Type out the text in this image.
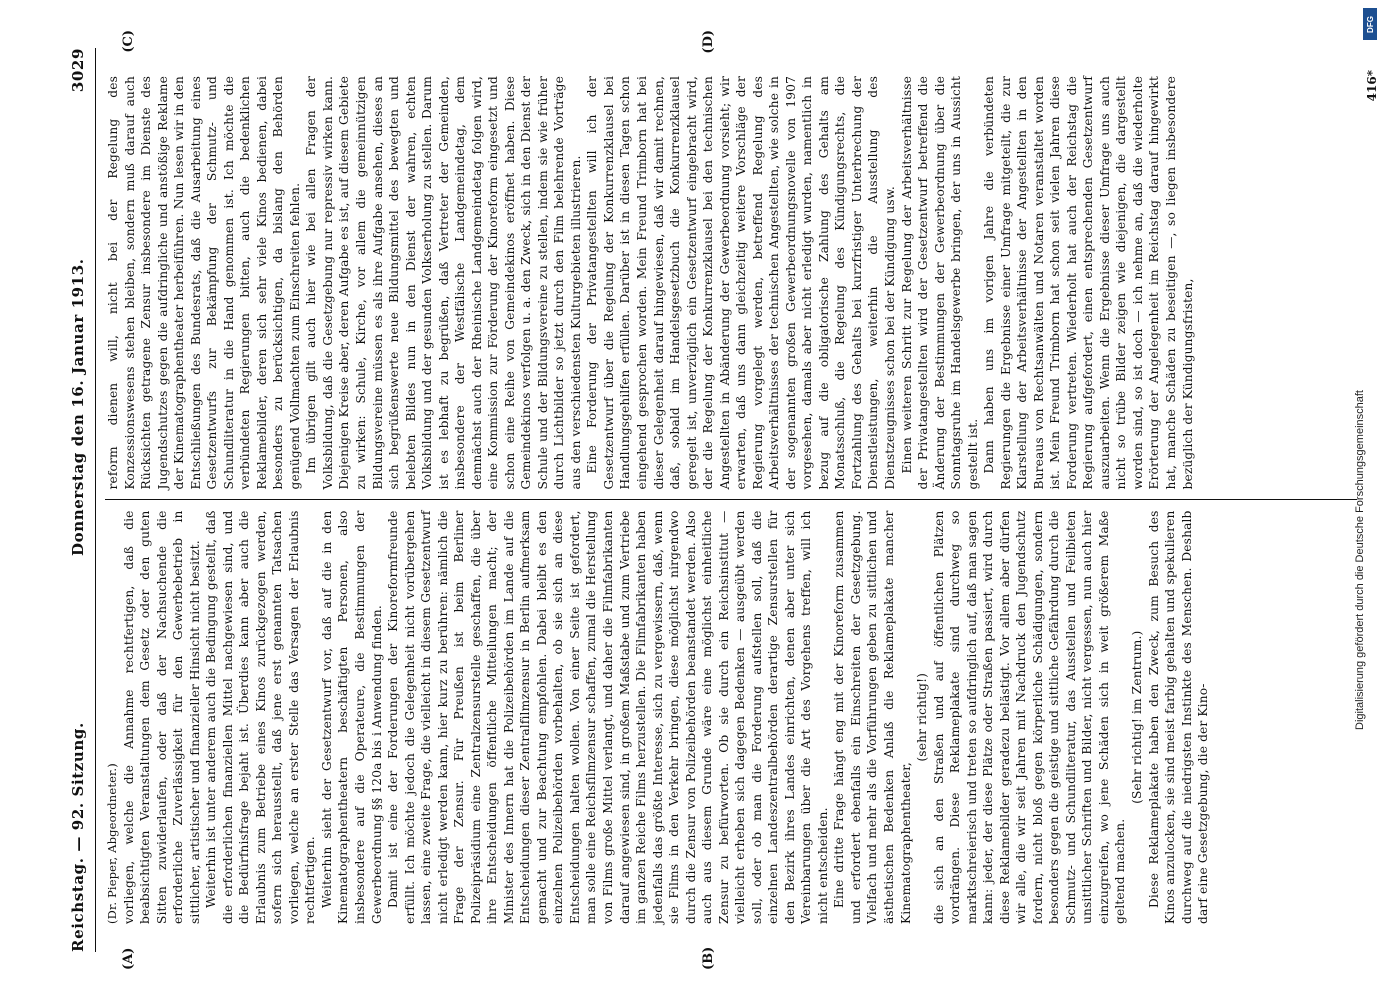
Reichstag. — 92. Sitzung.
Donnerstag den 16. Januar 1913.
3029
(A)	(B)
(C)	(D)

(Dr. Pieper, Abgeordneter.) vorliegen, welche die Annahme rechtfertigen, daß die beabsichtigten Veranstaltungen dem Gesetz oder den guten Sitten zuwiderlaufen, oder daß der Nachsuchende die erforderliche Zuverlässigkeit für den Gewerbebetrieb in sittlicher, artistischer und finanzieller Hinsicht nicht besitzt. Weiterhin ist unter anderem auch die Bedingung gestellt, daß die erforderlichen finanziellen Mittel nachgewiesen sind, und die Bedürfnisfrage bejaht ist. Überdies kann aber auch die Erlaubnis zum Betriebe eines Kinos zurückgezogen werden, sofern sich herausstellt, daß jene erst genannten Tatsachen vorliegen, welche an erster Stelle das Versagen der Erlaubnis rechtfertigen. Weiterhin sieht der Gesetzentwurf vor, daß auf die in den Kinematographentheatern beschäftigten Personen, also insbesondere auf die Operateure, die Bestimmungen der Gewerbeordnung §§ 120a bis i Anwendung finden. Damit ist eine der Forderungen der Kinoreformfreunde erfüllt. Ich möchte jedoch die Gelegenheit nicht vorübergehen lassen, eine zweite Frage, die vielleicht in diesem Gesetzentwurf nicht erledigt werden kann, hier kurz zu berühren: nämlich die Frage der Zensur. Für Preußen ist beim Berliner Polizeipräsidium eine Zentralzensurstelle geschaffen, die über ihre Entscheidungen öffentliche Mitteilungen macht; der Minister des Innern hat die Polizeibehörden im Lande auf die Entscheidungen dieser Zentralfilmzensur in Berlin aufmerksam gemacht und zur Beachtung empfohlen. Dabei bleibt es den einzelnen Polizeibehörden vorbehalten, ob sie sich an diese Entscheidungen halten wollen. Von einer Seite ist gefordert, man solle eine Reichsfilmzensur schaffen, zumal die Herstellung von Films große Mittel verlangt, und daher die Filmfabrikanten darauf angewiesen sind, in großem Maßstabe und zum Vertriebe im ganzen Reiche Films herzustellen. Die Filmfabrikanten haben jedenfalls das größte Interesse, sich zu vergewissern, daß, wenn sie Films in den Verkehr bringen, diese möglichst nirgendwo durch die Zensur von Polizeibehörden beanstandet werden. Also auch aus diesem Grunde wäre eine möglichst einheitliche Zensur zu befürworten. Ob sie durch ein Reichsinstitut — vielleicht erheben sich dagegen Bedenken — ausgeübt werden soll, oder ob man die Forderung aufstellen soll, daß die einzelnen Landeszentralbehörden derartige Zensurstellen für den Bezirk ihres Landes einrichten, denen aber unter sich Vereinbarungen über die Art des Vorgehens treffen, will ich nicht entscheiden. Eine dritte Frage hängt eng mit der Kinoreform zusammen und erfordert ebenfalls ein Einschreiten der Gesetzgebung. Vielfach und mehr als die Vorführungen geben zu sittlichen und ästhetischen Bedenken Anlaß die Reklameplakate mancher Kinematographentheater,

(sehr richtig!) die sich an den Straßen und auf öffentlichen Plätzen vordrängen. Diese Reklameplakate sind durchweg so marktschreierisch und treten so aufdringlich auf, daß man sagen kann: jeder, der diese Plätze oder Straßen passiert, wird durch diese Reklamebilder geradezu belästigt. Vor allem aber dürfen wir alle, die wir seit Jahren mit Nachdruck den Jugendschutz fordern, nicht bloß gegen körperliche Schädigungen, sondern besonders gegen die geistige und sittliche Gefährdung durch die Schmutz- und Schundliteratur, das Ausstellen und Feilbieten unsittlicher Schriften und Bilder, nicht vergessen, nun auch hier einzugreifen, wo jene Schäden sich in weit größerem Maße geltend machen.

(Sehr richtig! im Zentrum.) Diese Reklameplakate haben den Zweck, zum Besuch des Kinos anzulocken, sie sind meist farbig gehalten und spekulieren durchweg auf die niedrigsten Instinkte des Menschen. Deshalb darf eine Gesetzgebung, die der Kino-

reform dienen will, nicht bei der Regelung des Konzessionswesens stehen bleiben, sondern muß darauf auch Rücksichten getragene Zensur insbesondere im Dienste des Jugendschutzes gegen die aufdringliche und anstößige Reklame der Kinematographentheater herbeiführen. Nun lesen wir in den Entschließungen des Bundesrats, daß die Ausarbeitung eines Gesetzentwurfs zur Bekämpfung der Schmutz- und Schundliteratur in die Hand genommen ist. Ich möchte die verbündeten Regierungen bitten, auch die bedenklichen Reklamebilder, deren sich sehr viele Kinos bedienen, dabei besonders zu berücksichtigen, da bislang den Behörden genügend Vollmachten zum Einschreiten fehlen. Im übrigen gilt auch hier wie bei allen Fragen der Volksbildung, daß die Gesetzgebung nur repressiv wirken kann. Diejenigen Kreise aber, deren Aufgabe es ist, auf diesem Gebiete zu wirken: Schule, Kirche, vor allem die gemeinnützigen Bildungsvereine müssen es als ihre Aufgabe ansehen, dieses an sich begrüßenswerte neue Bildungsmittel des bewegten und belebten Bildes nun in den Dienst der wahren, echten Volksbildung und der gesunden Volkserholung zu stellen. Darum ist es lebhaft zu begrüßen, daß Vertreter der Gemeinden, insbesondere der Westfälische Landgemeindetag, dem demnächst auch der Rheinische Landgemeindetag folgen wird, eine Kommission zur Förderung der Kinoreform eingesetzt und schon eine Reihe von Gemeindekinos eröffnet haben. Diese Gemeindekinos verfolgen u. a. den Zweck, sich in den Dienst der Schule und der Bildungsvereine zu stellen, indem sie wie früher durch Lichtbilder so jetzt durch den Film belehrende Vorträge aus den verschiedensten Kulturgebieten illustrieren. Eine Forderung der Privatangestellten will ich der Gesetzentwurf über die Regelung der Konkurrenzklausel bei Handlungsgehilfen erfüllen. Darüber ist in diesen Tagen schon eingehend gesprochen worden. Mein Freund Trimborn hat bei dieser Gelegenheit darauf hingewiesen, daß wir damit rechnen, daß, sobald im Handelsgesetzbuch die Konkurrenzklausel geregelt ist, unverzüglich ein Gesetzentwurf eingebracht wird, der die Regelung der Konkurrenzklausel bei den technischen Angestellten in Abänderung der Gewerbeordnung vorsieht; wir erwarten, daß uns dann gleichzeitig weitere Vorschläge der Regierung vorgelegt werden, betreffend Regelung des Arbeitsverhältnisses der technischen Angestellten, wie solche in der sogenannten großen Gewerbeordnungsnovelle von 1907 vorgesehen, damals aber nicht erledigt wurden, namentlich in bezug auf die obligatorische Zahlung des Gehalts am Monatsschluß, die Regelung des Kündigungsrechts, die Fortzahlung des Gehalts bei kurzfristiger Unterbrechung der Dienstleistungen, weiterhin die Ausstellung des Dienstzeugnisses schon bei der Kündigung usw. Einen weiteren Schritt zur Regelung der Arbeitsverhältnisse der Privatangestellten wird der Gesetzentwurf betreffend die Änderung der Bestimmungen der Gewerbeordnung über die Sonntagsruhe im Handelsgewerbe bringen, der uns in Aussicht gestellt ist. Dann haben uns im vorigen Jahre die verbündeten Regierungen die Ergebnisse einer Umfrage mitgeteilt, die zur Klarstellung der Arbeitsverhältnisse der Angestellten in den Bureaus von Rechtsanwälten und Notaren veranstaltet worden ist. Mein Freund Trimborn hat schon seit vielen Jahren diese Forderung vertreten. Wiederholt hat auch der Reichstag die Regierung aufgefordert, einen entsprechenden Gesetzentwurf auszuarbeiten. Wenn die Ergebnisse dieser Umfrage uns auch nicht so trübe Bilder zeigen wie diejenigen, die dargestellt worden sind, so ist doch — ich nehme an, daß die wiederholte Erörterung der Angelegenheit im Reichstag darauf hingewirkt hat, manche Schäden zu beseitigen —, so liegen insbesondere bezüglich der Kündigungsfristen,

416*
DFG
Digitalisierung gefördert durch die Deutsche Forschungsgemeinschaft
